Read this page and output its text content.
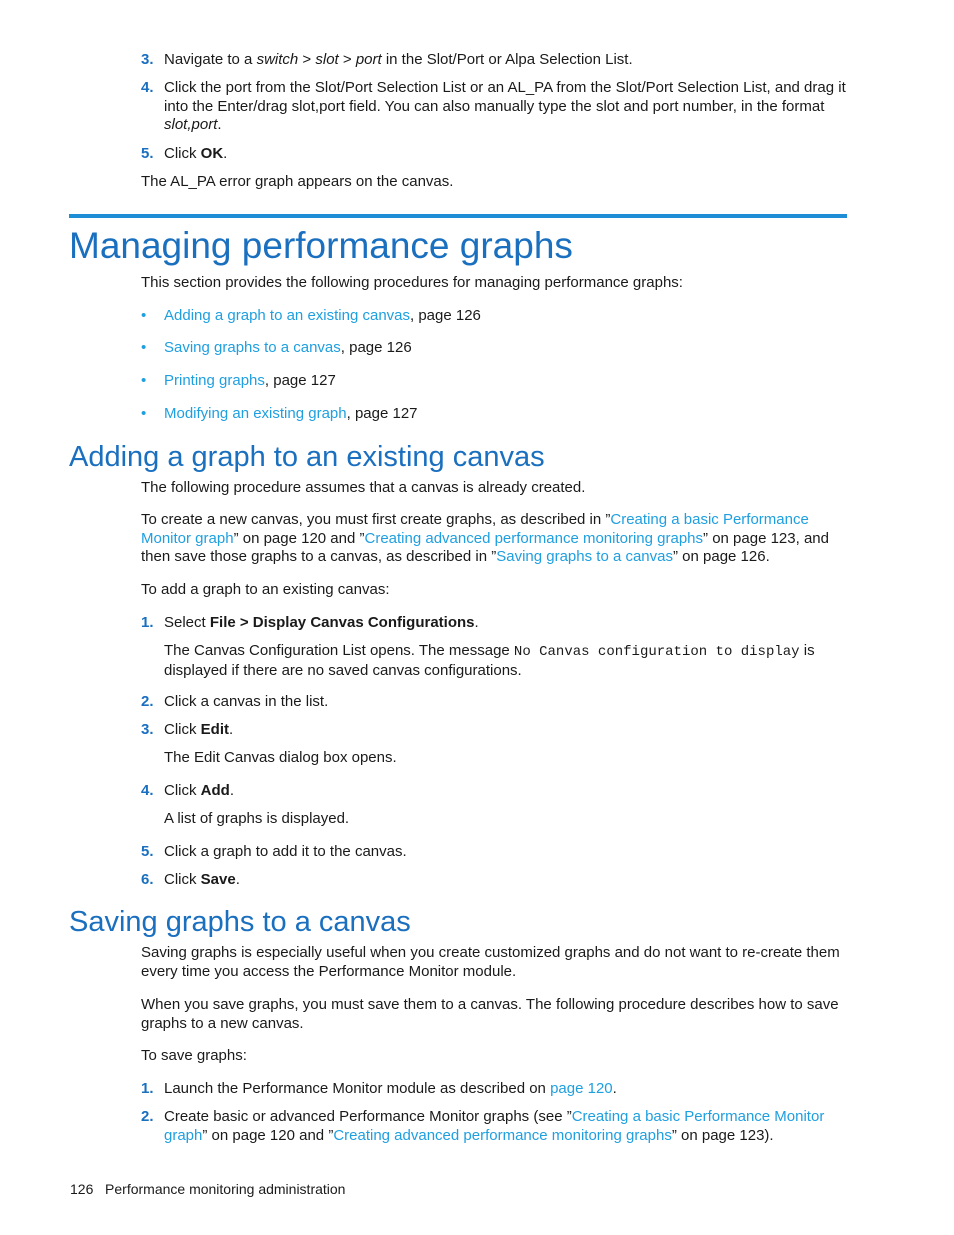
3. Navigate to a switch > slot > port in the Slot/Port or Alpa Selection List.
4. Click the port from the Slot/Port Selection List or an AL_PA from the Slot/Port Selection List, and drag it into the Enter/drag slot,port field. You can also manually type the slot and port number, in the format slot,port.
5. Click OK.
The AL_PA error graph appears on the canvas.
Managing performance graphs
This section provides the following procedures for managing performance graphs:
• Adding a graph to an existing canvas, page 126
• Saving graphs to a canvas, page 126
• Printing graphs, page 127
• Modifying an existing graph, page 127
Adding a graph to an existing canvas
The following procedure assumes that a canvas is already created.
To create a new canvas, you must first create graphs, as described in ”Creating a basic Performance Monitor graph” on page 120 and ”Creating advanced performance monitoring graphs” on page 123, and then save those graphs to a canvas, as described in ”Saving graphs to a canvas” on page 126.
To add a graph to an existing canvas:
1. Select File > Display Canvas Configurations.
The Canvas Configuration List opens. The message No Canvas configuration to display is displayed if there are no saved canvas configurations.
2. Click a canvas in the list.
3. Click Edit.
The Edit Canvas dialog box opens.
4. Click Add.
A list of graphs is displayed.
5. Click a graph to add it to the canvas.
6. Click Save.
Saving graphs to a canvas
Saving graphs is especially useful when you create customized graphs and do not want to re-create them every time you access the Performance Monitor module.
When you save graphs, you must save them to a canvas. The following procedure describes how to save graphs to a new canvas.
To save graphs:
1. Launch the Performance Monitor module as described on page 120.
2. Create basic or advanced Performance Monitor graphs (see ”Creating a basic Performance Monitor graph” on page 120 and ”Creating advanced performance monitoring graphs” on page 123).
126 Performance monitoring administration
